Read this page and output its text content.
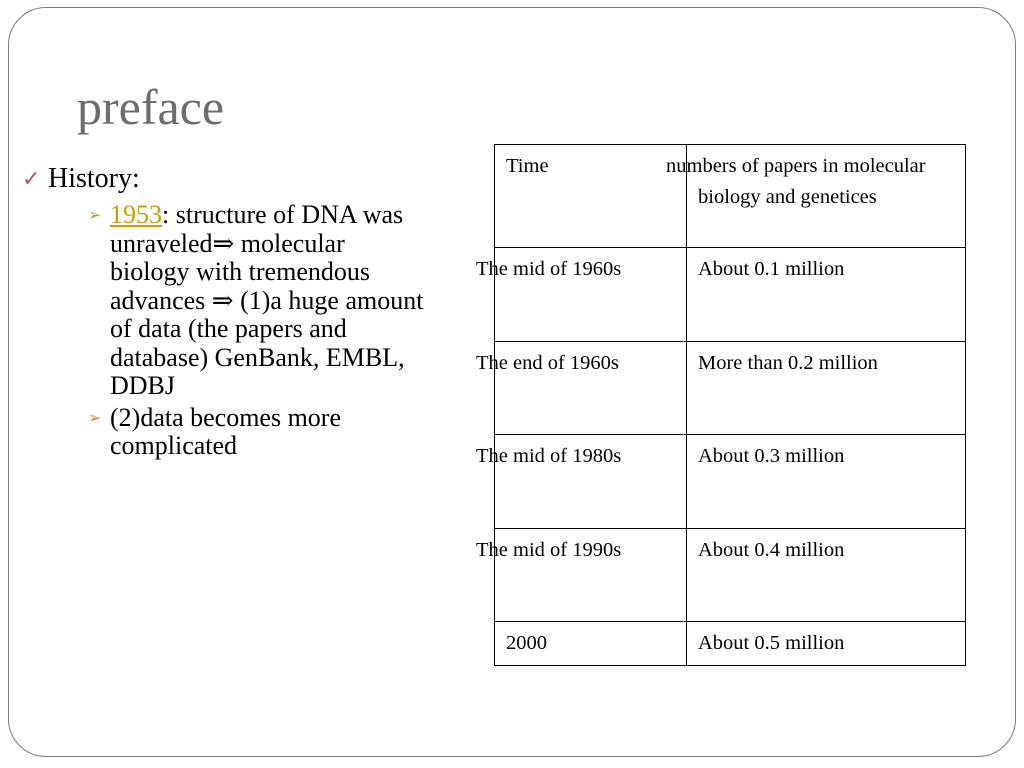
preface
✓ History:
➢ 1953: structure of DNA was unraveled⇒ molecular biology with tremendous advances ⇒ (1)a huge amount of data (the papers and database) GenBank, EMBL, DDBJ
➢ (2)data becomes more complicated
Time	numbers of papers in molecular biology and genetices
The mid of 1960s	About 0.1 million
The end of 1960s	More than 0.2 million
The mid of 1980s	About 0.3 million
The mid of 1990s	About 0.4 million
2000	About 0.5 million
